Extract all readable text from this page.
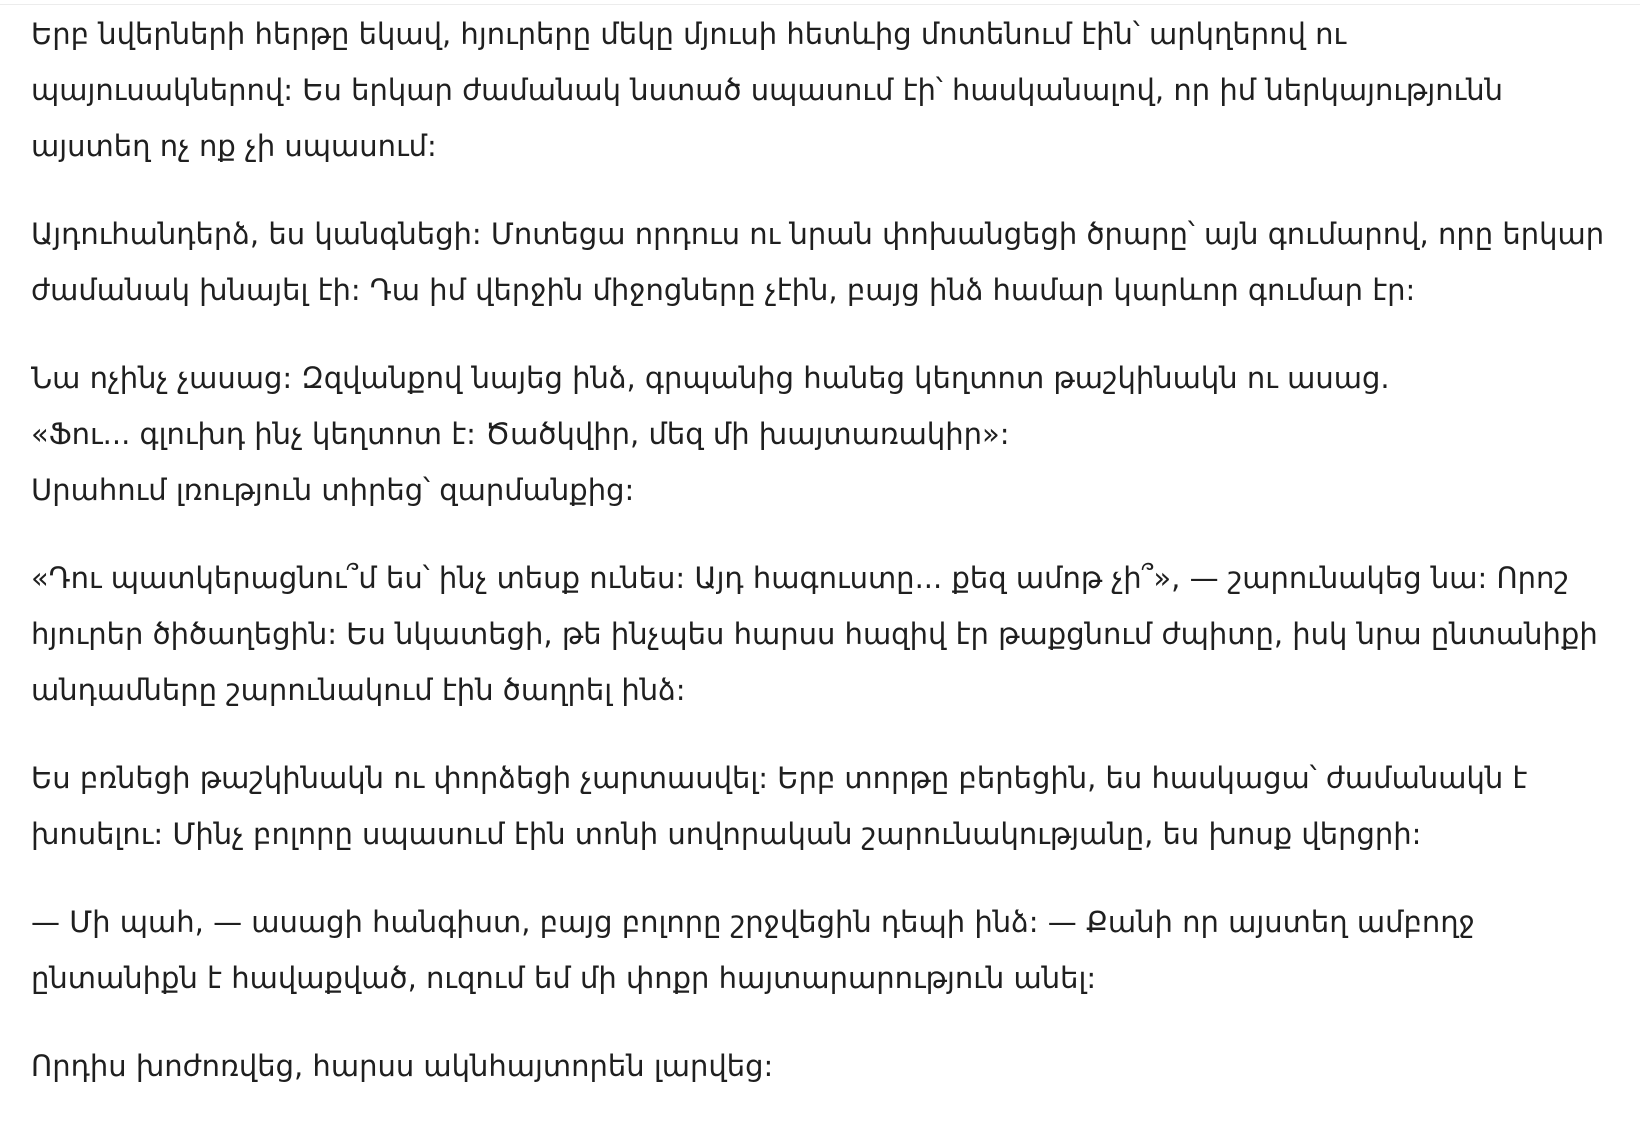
Երբ նվերների հերթը եկավ, հյուրերը մեկը մյուսի հետևից մոտենում էին՝ արկղերով ու
պայուսակներով: Ես երկար ժամանակ նստած սպասում էի՝ հասկանալով, որ իմ ներկայությունն
այստեղ ոչ ոք չի սպասում:

Այդուհանդերձ, ես կանգնեցի: Մոտեցա որդուս ու նրան փոխանցեցի ծրարը՝ այն գումարով, որը երկար
ժամանակ խնայել էի: Դա իմ վերջին միջոցները չէին, բայց ինձ համար կարևոր գումար էր:

Նա ոչինչ չասաց: Զզվանքով նայեց ինձ, գրպանից հանեց կեղտոտ թաշկինակն ու ասաց.
«Ֆու... գլուխդ ինչ կեղտոտ է: Ծածկվիր, մեզ մի խայտառակիր»:
Սրահում լռություն տիրեց՝ զարմանքից:

«Դու պատկերացնու՞մ ես՝ ինչ տեսք ունես: Այդ հագուստը... քեզ ամոթ չի՞», — շարունակեց նա: Որոշ
հյուրեր ծիծաղեցին: Ես նկատեցի, թե ինչպես հարսս հազիվ էր թաքցնում ժպիտը, իսկ նրա ընտանիքի
անդամները շարունակում էին ծաղրել ինձ:

Ես բռնեցի թաշկինակն ու փորձեցի չարտասվել: Երբ տորթը բերեցին, ես հասկացա՝ ժամանակն է
խոսելու: Մինչ բոլորը սպասում էին տոնի սովորական շարունակությանը, ես խոսք վերցրի:

— Մի պահ, — ասացի հանգիստ, բայց բոլորը շրջվեցին դեպի ինձ: — Քանի որ այստեղ ամբողջ
ընտանիքն է հավաքված, ուզում եմ մի փոքր հայտարարություն անել:

Որդիս խոժոռվեց, հարսս ակնհայտորեն լարվեց:
